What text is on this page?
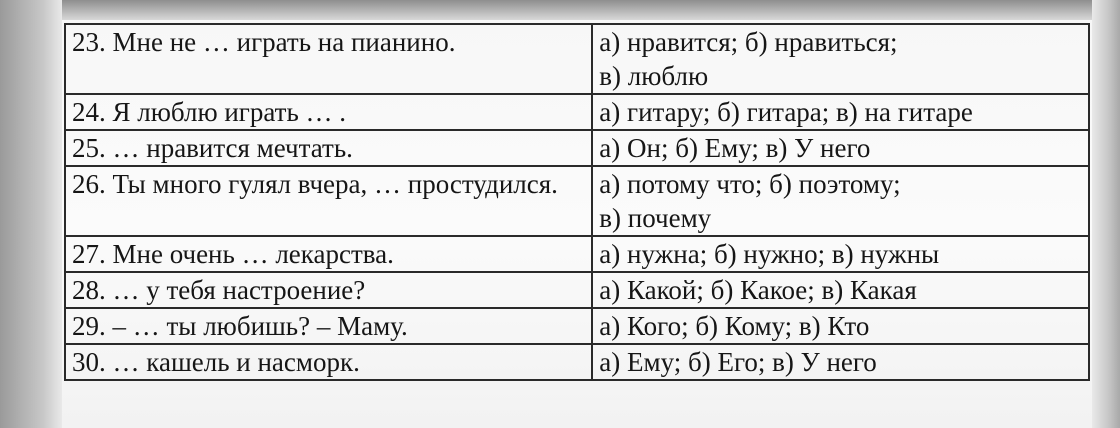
23. Мне не … играть на пианино.	а) нравится; б) нравиться;
в) люблю

24. Я люблю играть … .	а) гитару; б) гитара; в) на гитаре

25. … нравится мечтать.	а) Он; б) Ему; в) У него

26. Ты много гулял вчера, … простудился.	а) потому что; б) поэтому;
в) почему

27. Мне очень … лекарства.	а) нужна; б) нужно; в) нужны

28. … у тебя настроение?	а) Какой; б) Какое; в) Какая

29. – … ты любишь? – Маму.	а) Кого; б) Кому; в) Кто

30. … кашель и насморк.	а) Ему; б) Его; в) У него
